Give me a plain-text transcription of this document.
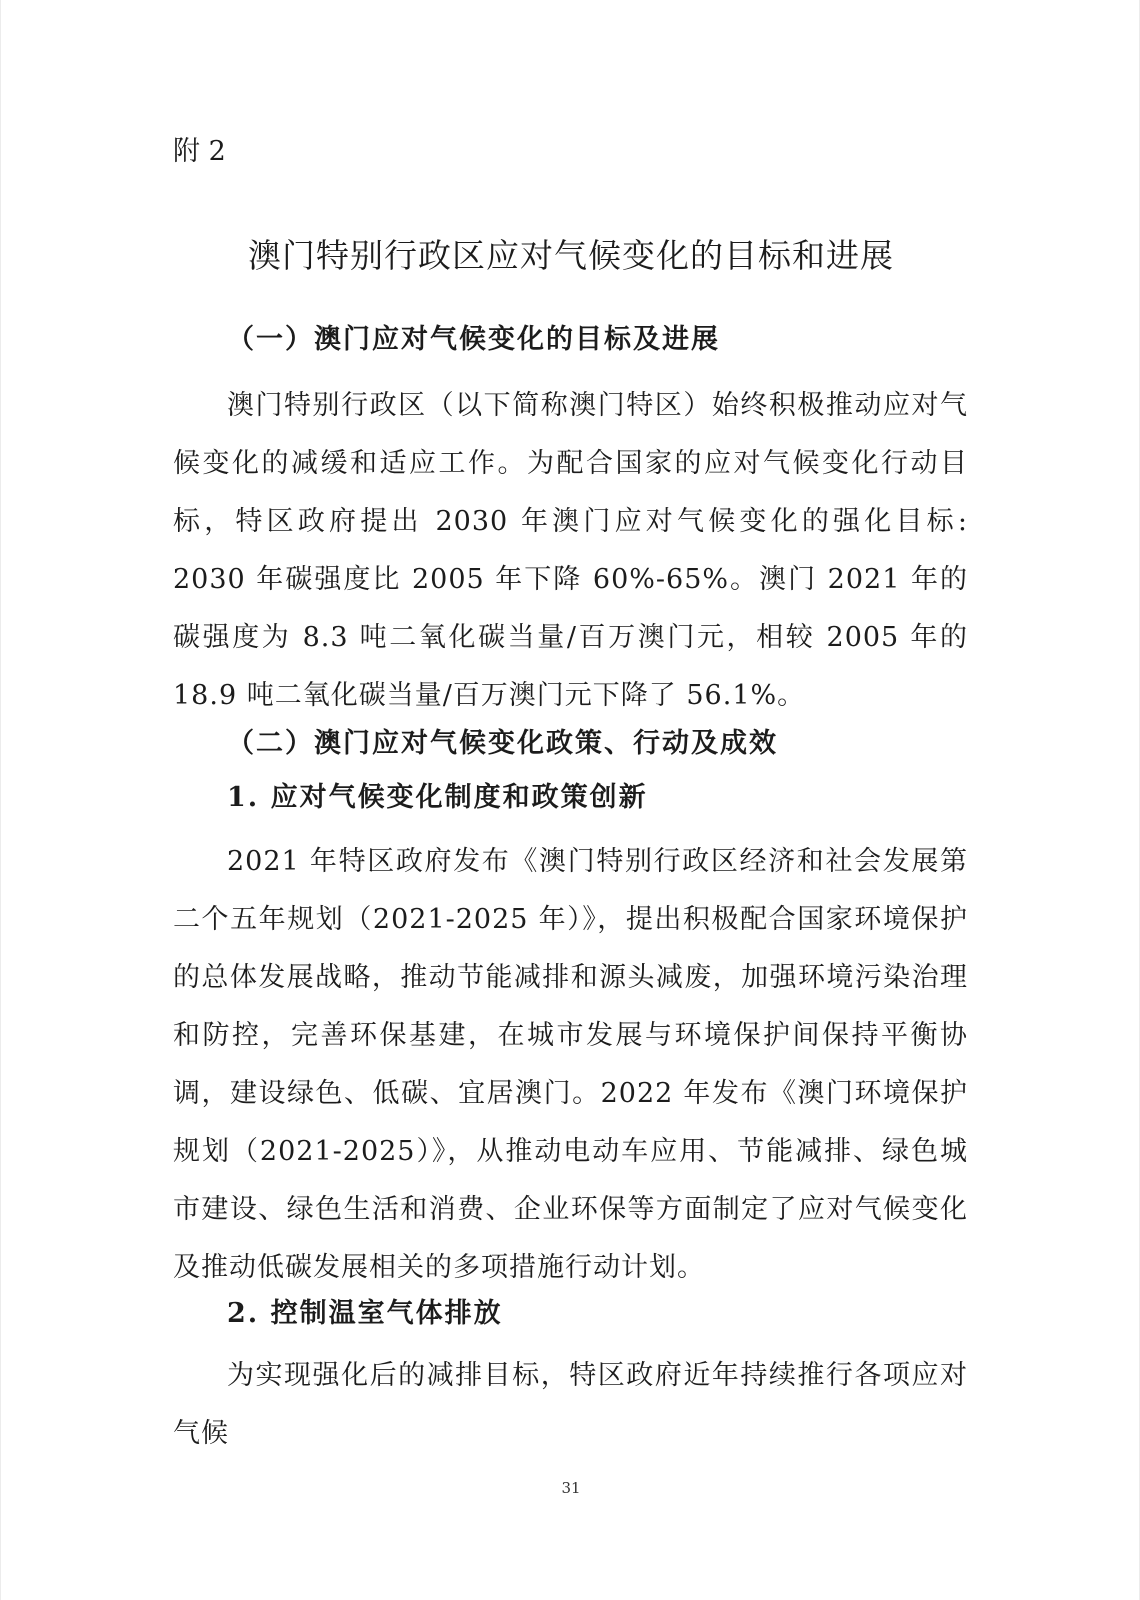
附 2
澳门特别行政区应对气候变化的目标和进展
（一）澳门应对气候变化的目标及进展

澳门特别行政区（以下简称澳门特区）始终积极推动应对气候变化的减缓和适应工作。为配合国家的应对气候变化行动目标，特区政府提出 2030 年澳门应对气候变化的强化目标: 2030 年碳强度比 2005 年下降 60%-65%。澳门 2021 年的碳强度为 8.3 吨二氧化碳当量/百万澳门元，相较 2005 年的 18.9 吨二氧化碳当量/百万澳门元下降了 56.1%。

（二）澳门应对气候变化政策、行动及成效
1. 应对气候变化制度和政策创新

2021 年特区政府发布《澳门特别行政区经济和社会发展第二个五年规划（2021-2025 年）》，提出积极配合国家环境保护的总体发展战略，推动节能减排和源头减废，加强环境污染治理和防控，完善环保基建，在城市发展与环境保护间保持平衡协调，建设绿色、低碳、宜居澳门。2022 年发布《澳门环境保护规划（2021-2025）》，从推动电动车应用、节能减排、绿色城市建设、绿色生活和消费、企业环保等方面制定了应对气候变化及推动低碳发展相关的多项措施行动计划。

2. 控制温室气体排放

为实现强化后的减排目标，特区政府近年持续推行各项应对气候

31
